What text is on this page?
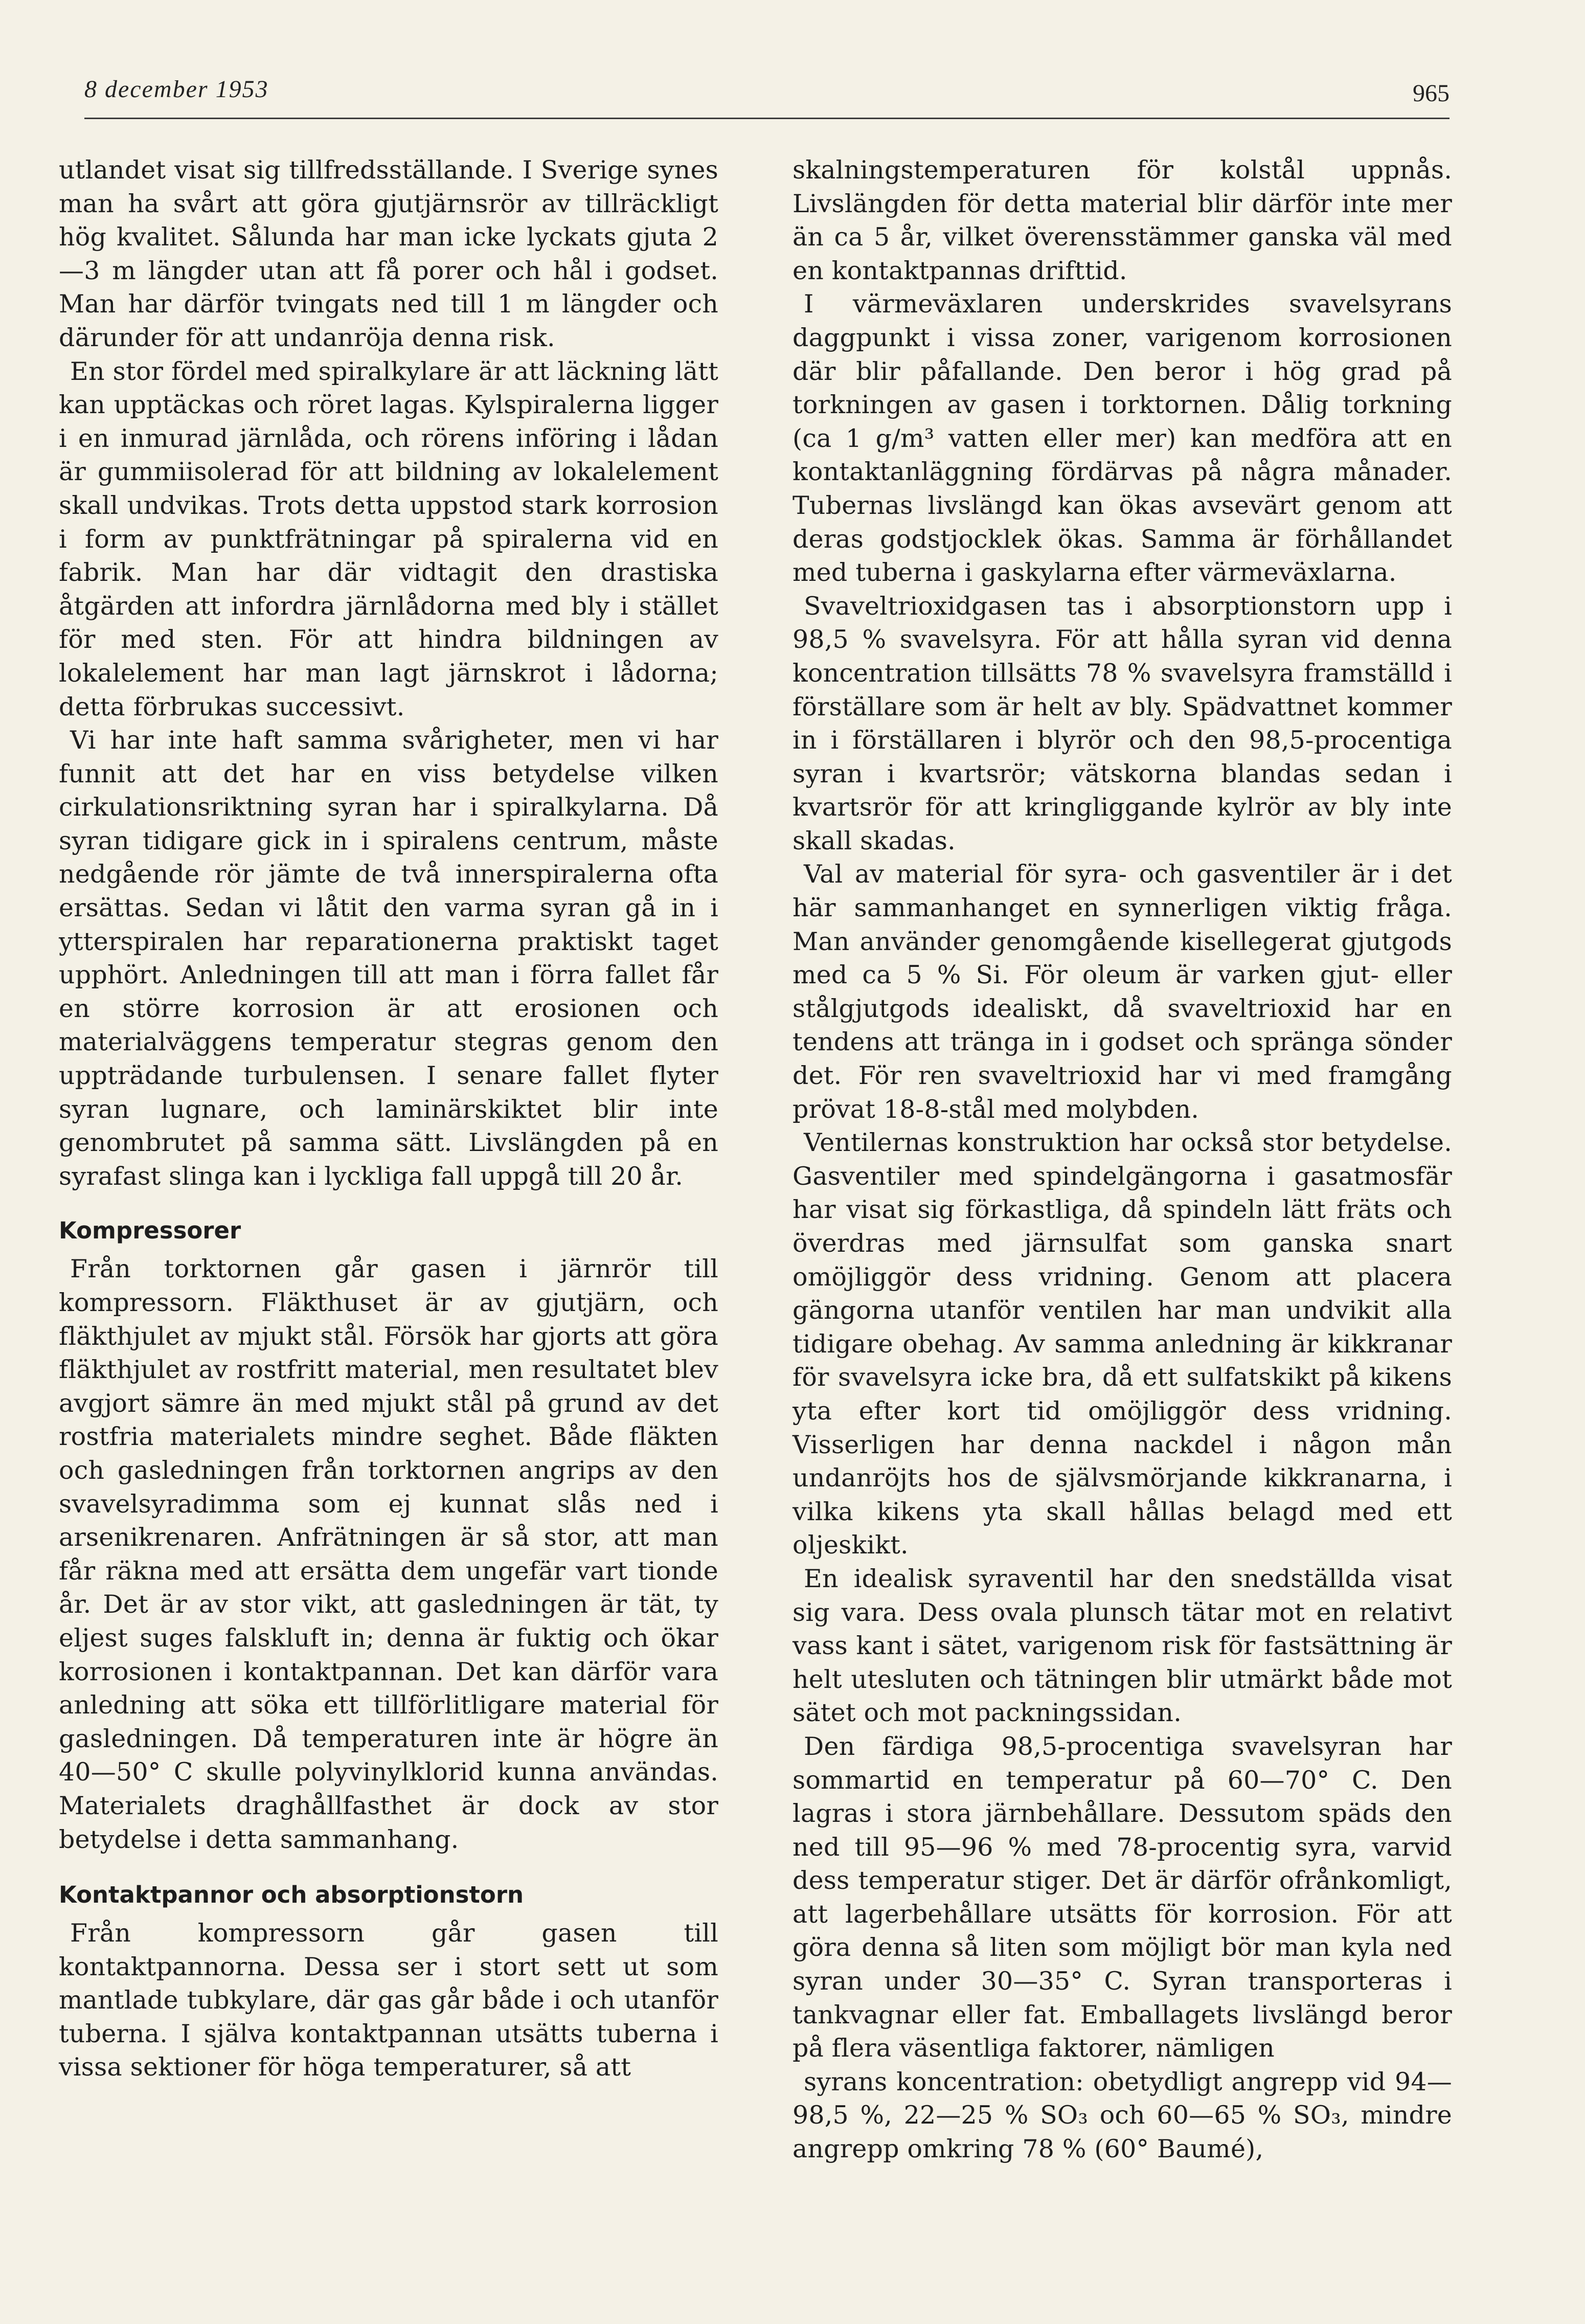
8 december 1953	965

utlandet visat sig tillfredsställande. I Sverige synes man ha svårt att göra gjutjärnsrör av tillräckligt hög kvalitet. Sålunda har man icke lyckats gjuta 2—3 m längder utan att få porer och hål i godset. Man har därför tvingats ned till 1 m längder och därunder för att undanröja denna risk.

En stor fördel med spiralkylare är att läckning lätt kan upptäckas och röret lagas. Kylspiralerna ligger i en inmurad järnlåda, och rörens införing i lådan är gummiisolerad för att bildning av lokalelement skall undvikas. Trots detta uppstod stark korrosion i form av punktfrätningar på spiralerna vid en fabrik. Man har där vidtagit den drastiska åtgärden att infordra järnlådorna med bly i stället för med sten. För att hindra bildningen av lokalelement har man lagt järnskrot i lådorna; detta förbrukas successivt.

Vi har inte haft samma svårigheter, men vi har funnit att det har en viss betydelse vilken cirkulationsriktning syran har i spiralkylarna. Då syran tidigare gick in i spiralens centrum, måste nedgående rör jämte de två innerspiralerna ofta ersättas. Sedan vi låtit den varma syran gå in i ytterspiralen har reparationerna praktiskt taget upphört. Anledningen till att man i förra fallet får en större korrosion är att erosionen och materialväggens temperatur stegras genom den uppträdande turbulensen. I senare fallet flyter syran lugnare, och laminärskiktet blir inte genombrutet på samma sätt. Livslängden på en syrafast slinga kan i lyckliga fall uppgå till 20 år.

Kompressorer

Från torktornen går gasen i järnrör till kompressorn. Fläkthuset är av gjutjärn, och fläkthjulet av mjukt stål. Försök har gjorts att göra fläkthjulet av rostfritt material, men resultatet blev avgjort sämre än med mjukt stål på grund av det rostfria materialets mindre seghet. Både fläkten och gasledningen från torktornen angrips av den svavelsyradimma som ej kunnat slås ned i arsenikrenaren. Anfrätningen är så stor, att man får räkna med att ersätta dem ungefär vart tionde år. Det är av stor vikt, att gasledningen är tät, ty eljest suges falskluft in; denna är fuktig och ökar korrosionen i kontaktpannan. Det kan därför vara anledning att söka ett tillförlitligare material för gasledningen. Då temperaturen inte är högre än 40—50° C skulle polyvinylklorid kunna användas. Materialets draghållfasthet är dock av stor betydelse i detta sammanhang.

Kontaktpannor och absorptionstorn

Från kompressorn går gasen till kontaktpannorna. Dessa ser i stort sett ut som mantlade tubkylare, där gas går både i och utanför tuberna. I själva kontaktpannan utsätts tuberna i vissa sektioner för höga temperaturer, så att

skalningstemperaturen för kolstål uppnås. Livslängden för detta material blir därför inte mer än ca 5 år, vilket överensstämmer ganska väl med en kontaktpannas drifttid.

I värmeväxlaren underskrides svavelsyrans daggpunkt i vissa zoner, varigenom korrosionen där blir påfallande. Den beror i hög grad på torkningen av gasen i torktornen. Dålig torkning (ca 1 g/m³ vatten eller mer) kan medföra att en kontaktanläggning fördärvas på några månader. Tubernas livslängd kan ökas avsevärt genom att deras godstjocklek ökas. Samma är förhållandet med tuberna i gaskylarna efter värmeväxlarna.

Svaveltrioxidgasen tas i absorptionstorn upp i 98,5 % svavelsyra. För att hålla syran vid denna koncentration tillsätts 78 % svavelsyra framställd i förställare som är helt av bly. Spädvattnet kommer in i förställaren i blyrör och den 98,5-procentiga syran i kvartsrör; vätskorna blandas sedan i kvartsrör för att kringliggande kylrör av bly inte skall skadas.

Val av material för syra- och gasventiler är i det här sammanhanget en synnerligen viktig fråga. Man använder genomgående kisellegerat gjutgods med ca 5 % Si. För oleum är varken gjut- eller stålgjutgods idealiskt, då svaveltrioxid har en tendens att tränga in i godset och spränga sönder det. För ren svaveltrioxid har vi med framgång prövat 18-8-stål med molybden.

Ventilernas konstruktion har också stor betydelse. Gasventiler med spindelgängorna i gasatmosfär har visat sig förkastliga, då spindeln lätt fräts och överdras med järnsulfat som ganska snart omöjliggör dess vridning. Genom att placera gängorna utanför ventilen har man undvikit alla tidigare obehag. Av samma anledning är kikkranar för svavelsyra icke bra, då ett sulfatskikt på kikens yta efter kort tid omöjliggör dess vridning. Visserligen har denna nackdel i någon mån undanröjts hos de självsmörjande kikkranarna, i vilka kikens yta skall hållas belagd med ett oljeskikt.

En idealisk syraventil har den snedställda visat sig vara. Dess ovala plunsch tätar mot en relativt vass kant i sätet, varigenom risk för fastsättning är helt utesluten och tätningen blir utmärkt både mot sätet och mot packningssidan.

Den färdiga 98,5-procentiga svavelsyran har sommartid en temperatur på 60—70° C. Den lagras i stora järnbehållare. Dessutom späds den ned till 95—96 % med 78-procentig syra, varvid dess temperatur stiger. Det är därför ofrånkomligt, att lagerbehållare utsätts för korrosion. För att göra denna så liten som möjligt bör man kyla ned syran under 30—35° C. Syran transporteras i tankvagnar eller fat. Emballagets livslängd beror på flera väsentliga faktorer, nämligen

syrans koncentration: obetydligt angrepp vid 94—98,5 %, 22—25 % SO₃ och 60—65 % SO₃, mindre angrepp omkring 78 % (60° Baumé),
